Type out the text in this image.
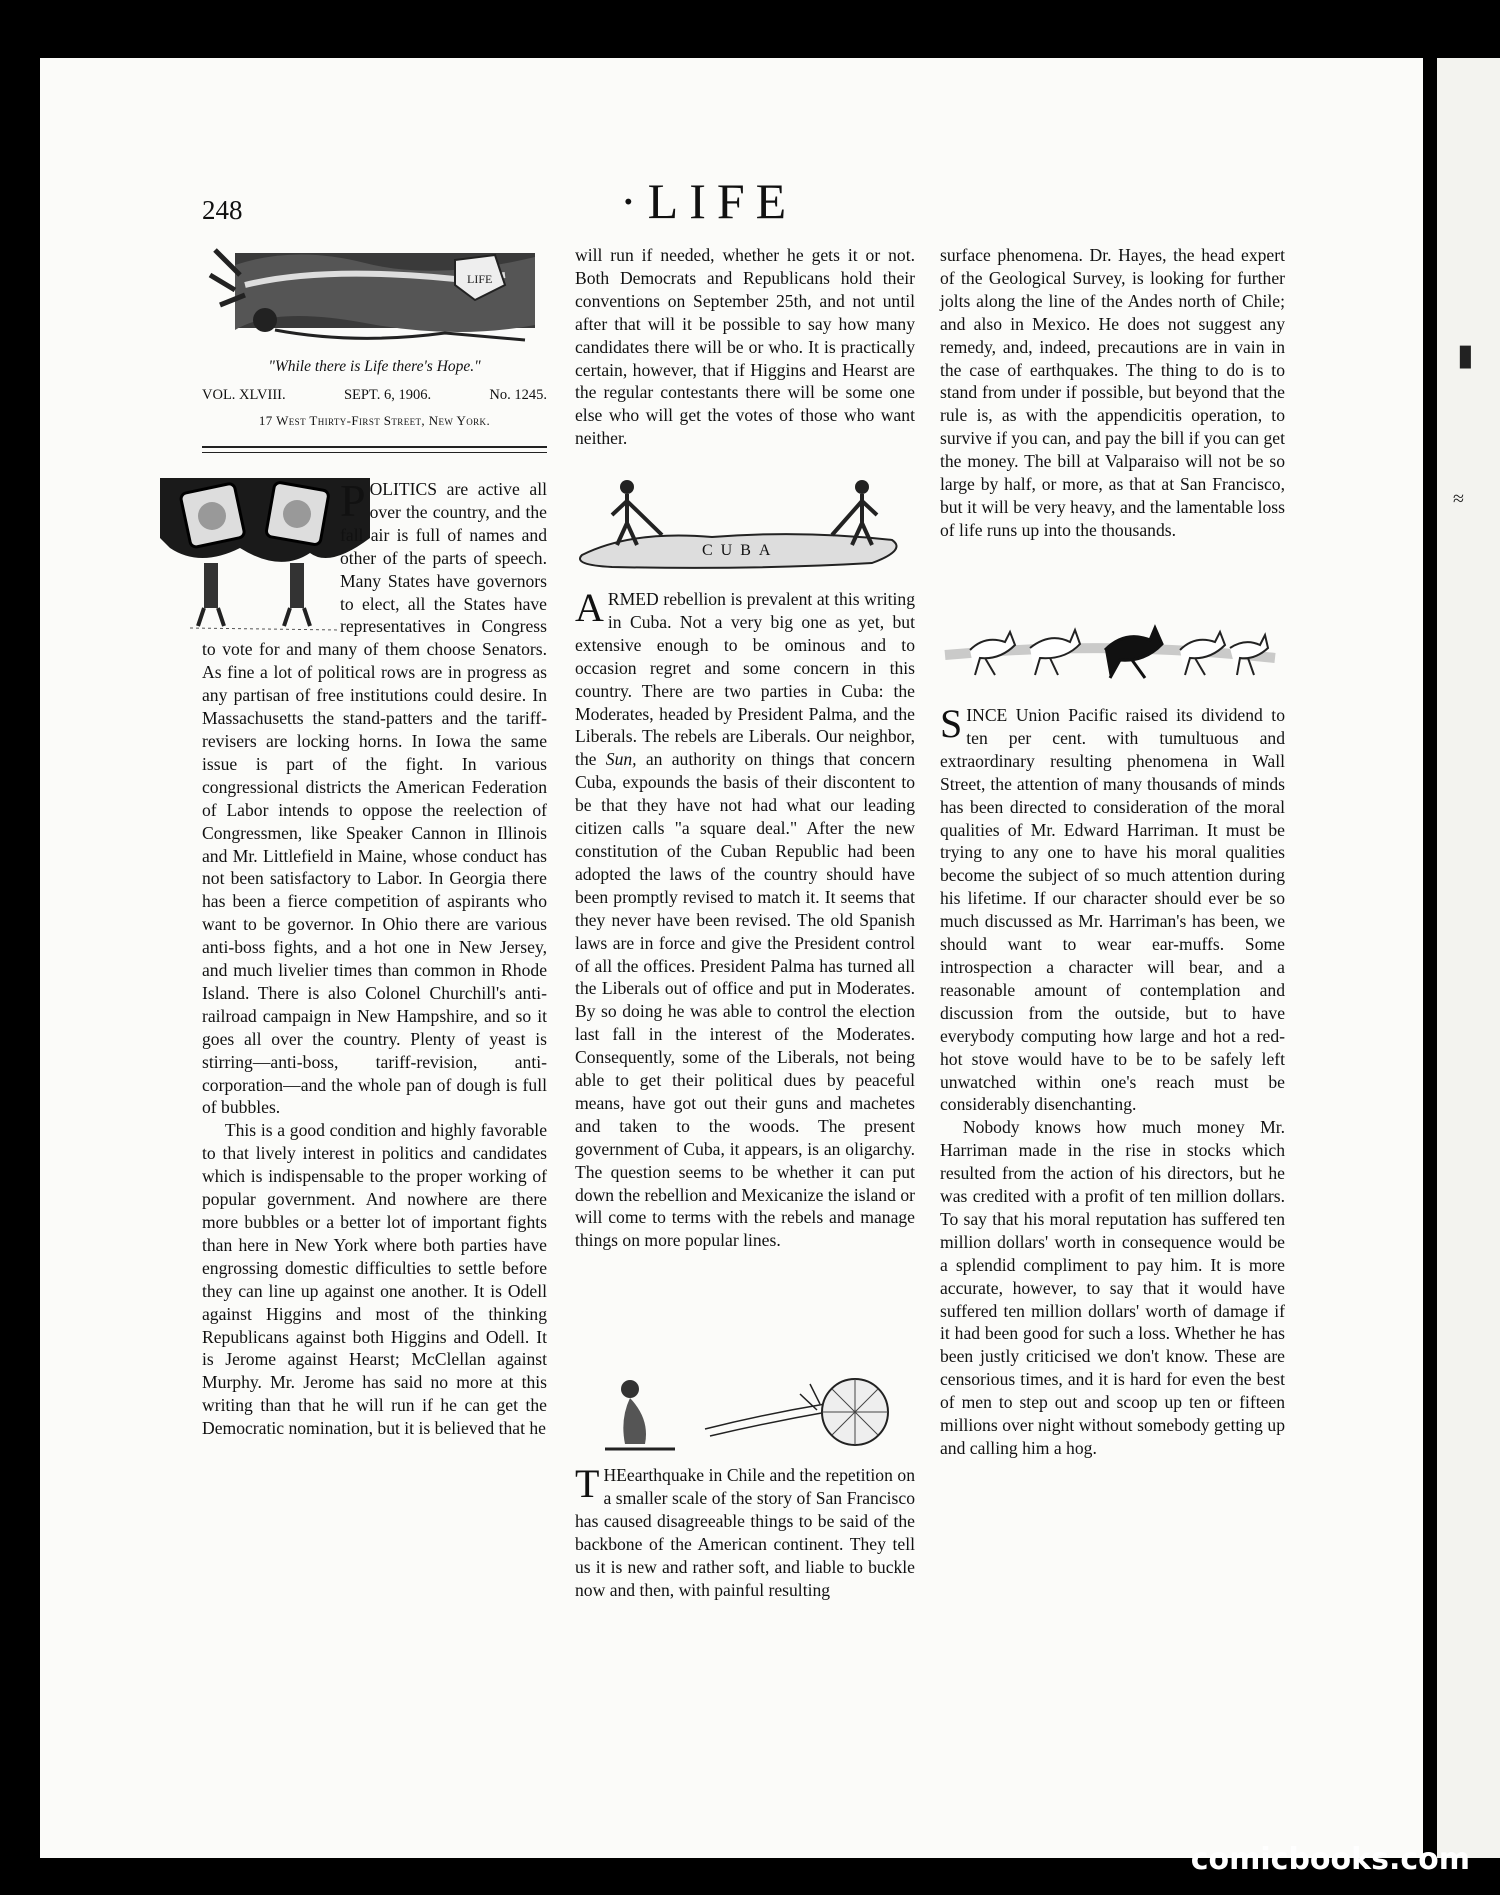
▮
≈
248	·LIFE
LIFE
"While there is Life there's Hope."
VOL. XLVIII.	SEPT. 6, 1906.	No. 1245.
17 West Thirty-First Street, New York.

POLITICS are active all over the country, and the fall air is full of names and other of the parts of speech. Many States have governors to elect, all the States have representatives in Congress to vote for and many of them choose Senators. As fine a lot of political rows are in progress as any partisan of free institutions could desire. In Massachusetts the stand-patters and the tariff-revisers are locking horns. In Iowa the same issue is part of the fight. In various congressional districts the American Federation of Labor intends to oppose the reelection of Congressmen, like Speaker Cannon in Illinois and Mr. Littlefield in Maine, whose conduct has not been satisfactory to Labor. In Georgia there has been a fierce competition of aspirants who want to be governor. In Ohio there are various anti-boss fights, and a hot one in New Jersey, and much livelier times than common in Rhode Island. There is also Colonel Churchill's anti-railroad campaign in New Hampshire, and so it goes all over the country. Plenty of yeast is stirring—anti-boss, tariff-revision, anti-corporation—and the whole pan of dough is full of bubbles.

This is a good condition and highly favorable to that lively interest in politics and candidates which is indispensable to the proper working of popular government. And nowhere are there more bubbles or a better lot of important fights than here in New York where both parties have engrossing domestic difficulties to settle before they can line up against one another. It is Odell against Higgins and most of the thinking Republicans against both Higgins and Odell. It is Jerome against Hearst; McClellan against Murphy. Mr. Jerome has said no more at this writing than that he will run if he can get the Democratic nomination, but it is believed that he

will run if needed, whether he gets it or not. Both Democrats and Republicans hold their conventions on September 25th, and not until after that will it be possible to say how many candidates there will be or who. It is practically certain, however, that if Higgins and Hearst are the regular contestants there will be some one else who will get the votes of those who want neither.

CUBA

ARMED rebellion is prevalent at this writing in Cuba. Not a very big one as yet, but extensive enough to be ominous and to occasion regret and some concern in this country. There are two parties in Cuba: the Moderates, headed by President Palma, and the Liberals. The rebels are Liberals. Our neighbor, the Sun, an authority on things that concern Cuba, expounds the basis of their discontent to be that they have not had what our leading citizen calls "a square deal." After the new constitution of the Cuban Republic had been adopted the laws of the country should have been promptly revised to match it. It seems that they never have been revised. The old Spanish laws are in force and give the President control of all the offices. President Palma has turned all the Liberals out of office and put in Moderates. By so doing he was able to control the election last fall in the interest of the Moderates. Consequently, some of the Liberals, not being able to get their political dues by peaceful means, have got out their guns and machetes and taken to the woods. The present government of Cuba, it appears, is an oligarchy. The question seems to be whether it can put down the rebellion and Mexicanize the island or will come to terms with the rebels and manage things on more popular lines.

THEearthquake in Chile and the repetition on a smaller scale of the story of San Francisco has caused disagreeable things to be said of the backbone of the American continent. They tell us it is new and rather soft, and liable to buckle now and then, with painful resulting

surface phenomena. Dr. Hayes, the head expert of the Geological Survey, is looking for further jolts along the line of the Andes north of Chile; and also in Mexico. He does not suggest any remedy, and, indeed, precautions are in vain in the case of earthquakes. The thing to do is to stand from under if possible, but beyond that the rule is, as with the appendicitis operation, to survive if you can, and pay the bill if you can get the money. The bill at Valparaiso will not be so large by half, or more, as that at San Francisco, but it will be very heavy, and the lamentable loss of life runs up into the thousands.

SINCE Union Pacific raised its dividend to ten per cent. with tumultuous and extraordinary resulting phenomena in Wall Street, the attention of many thousands of minds has been directed to consideration of the moral qualities of Mr. Edward Harriman. It must be trying to any one to have his moral qualities become the subject of so much attention during his lifetime. If our character should ever be so much discussed as Mr. Harriman's has been, we should want to wear ear-muffs. Some introspection a character will bear, and a reasonable amount of contemplation and discussion from the outside, but to have everybody computing how large and hot a red-hot stove would have to be to be safely left unwatched within one's reach must be considerably disenchanting.

Nobody knows how much money Mr. Harriman made in the rise in stocks which resulted from the action of his directors, but he was credited with a profit of ten million dollars. To say that his moral reputation has suffered ten million dollars' worth in consequence would be a splendid compliment to pay him. It is more accurate, however, to say that it would have suffered ten million dollars' worth of damage if it had been good for such a loss. Whether he has been justly criticised we don't know. These are censorious times, and it is hard for even the best of men to step out and scoop up ten or fifteen millions over night without somebody getting up and calling him a hog.

comicbooks.com
